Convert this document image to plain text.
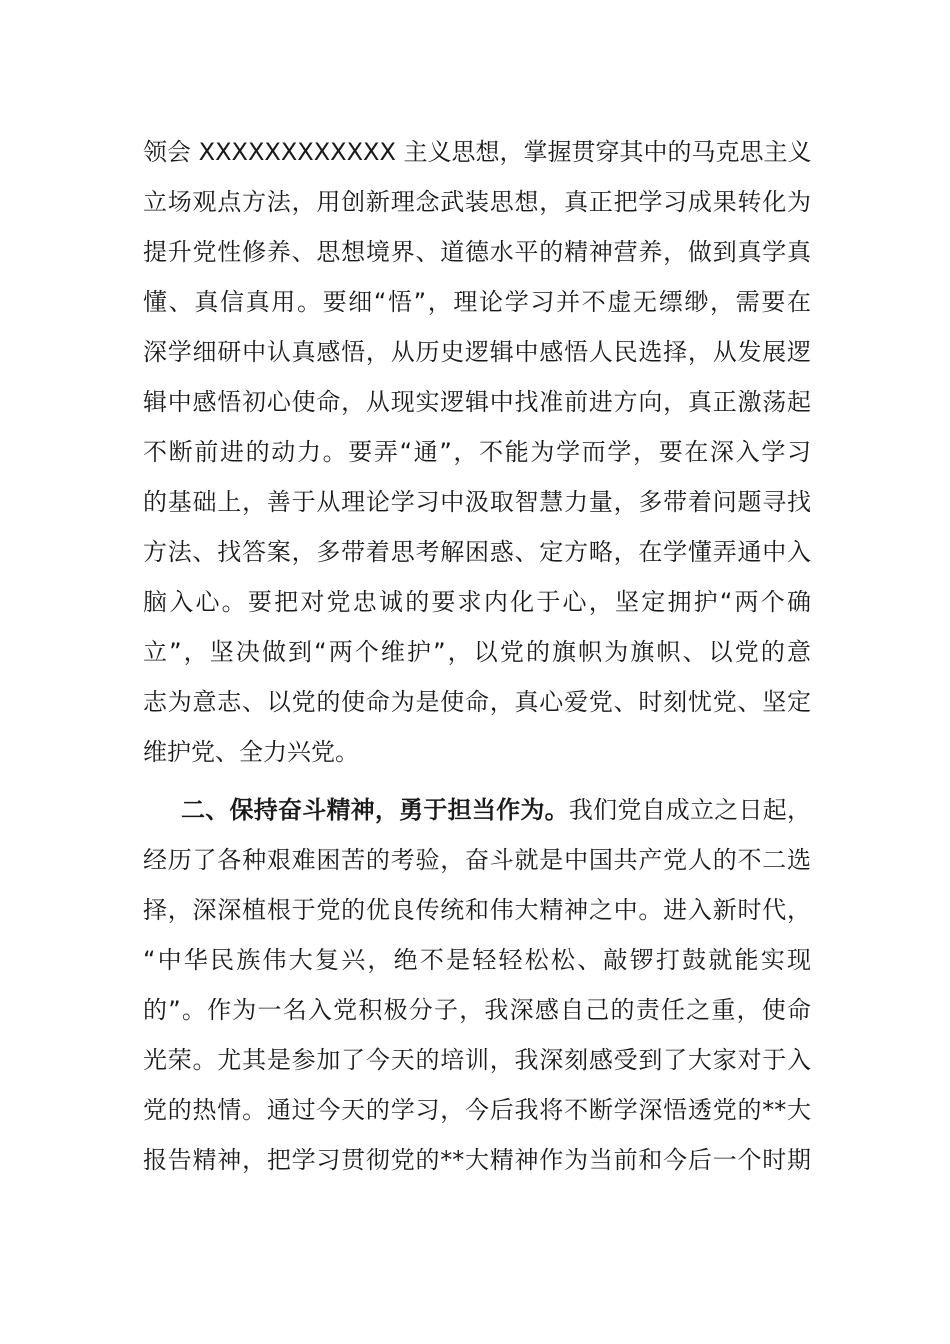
领会 XXXXXXXXXXXX 主义思想，掌握贯穿其中的马克思主义
立场观点方法，用创新理念武装思想，真正把学习成果转化为
提升党性修养、思想境界、道德水平的精神营养，做到真学真
懂、真信真用。要细“悟”，理论学习并不虚无缥缈，需要在
深学细研中认真感悟，从历史逻辑中感悟人民选择，从发展逻
辑中感悟初心使命，从现实逻辑中找准前进方向，真正激荡起
不断前进的动力。要弄“通”，不能为学而学，要在深入学习
的基础上，善于从理论学习中汲取智慧力量，多带着问题寻找
方法、找答案，多带着思考解困惑、定方略，在学懂弄通中入
脑入心。要把对党忠诚的要求内化于心，坚定拥护“两个确
立”，坚决做到“两个维护”，以党的旗帜为旗帜、以党的意
志为意志、以党的使命为是使命，真心爱党、时刻忧党、坚定
维护党、全力兴党。
二、保持奋斗精神，勇于担当作为。我们党自成立之日起，
经历了各种艰难困苦的考验，奋斗就是中国共产党人的不二选
择，深深植根于党的优良传统和伟大精神之中。进入新时代，
“中华民族伟大复兴，绝不是轻轻松松、敲锣打鼓就能实现
的”。作为一名入党积极分子，我深感自己的责任之重，使命
光荣。尤其是参加了今天的培训，我深刻感受到了大家对于入
党的热情。通过今天的学习，今后我将不断学深悟透党的**大
报告精神，把学习贯彻党的**大精神作为当前和今后一个时期
